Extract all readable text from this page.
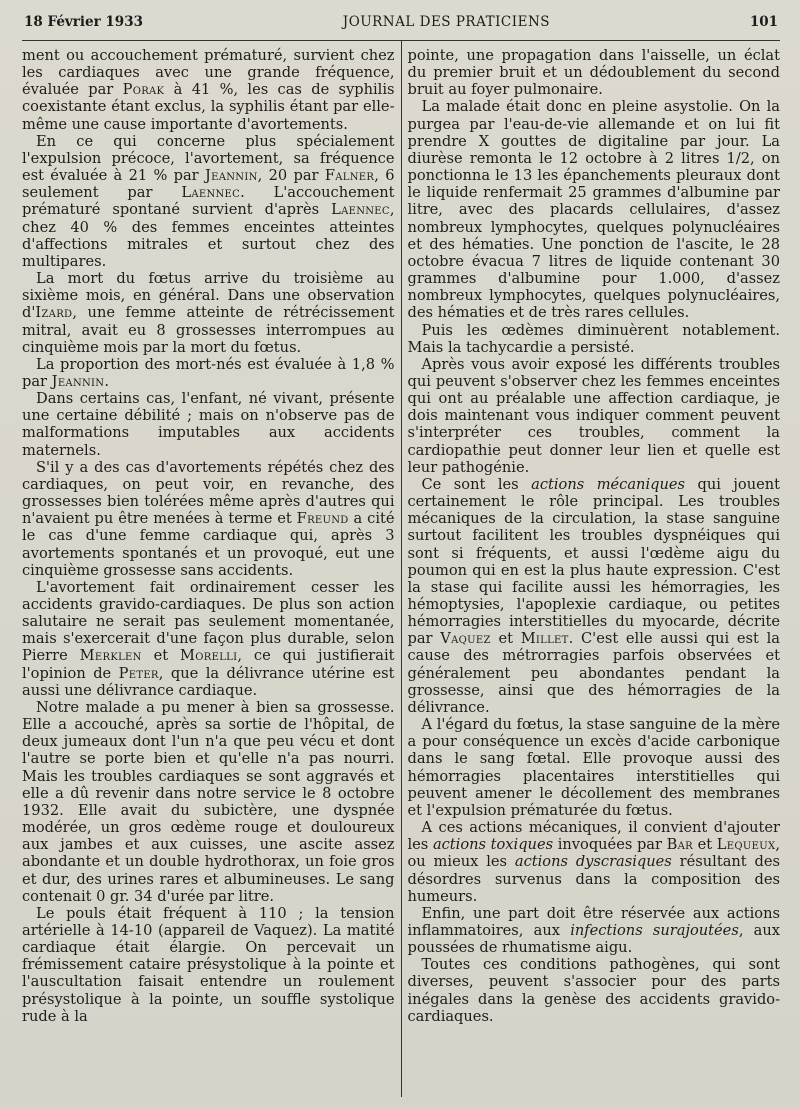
18 Février 1933	JOURNAL DES PRATICIENS	101

ment ou accouchement prématuré, survient chez les cardiaques avec une grande fréquence, évaluée par Porak à 41 %, les cas de syphilis coexistante étant exclus, la syphilis étant par elle-même une cause importante d'avortements.

En ce qui concerne plus spécialement l'expulsion précoce, l'avortement, sa fréquence est évaluée à 21 % par Jeannin, 20 par Falner, 6 seulement par Laennec. L'accouchement prématuré spontané survient d'après Laennec, chez 40 % des femmes enceintes atteintes d'affections mitrales et surtout chez des multipares.

La mort du fœtus arrive du troisième au sixième mois, en général. Dans une observation d'Izard, une femme atteinte de rétrécissement mitral, avait eu 8 grossesses interrompues au cinquième mois par la mort du fœtus.

La proportion des mort-nés est évaluée à 1,8 % par Jeannin.

Dans certains cas, l'enfant, né vivant, présente une certaine débilité ; mais on n'observe pas de malformations imputables aux accidents maternels.

S'il y a des cas d'avortements répétés chez des cardiaques, on peut voir, en revanche, des grossesses bien tolérées même après d'autres qui n'avaient pu être menées à terme et Freund a cité le cas d'une femme cardiaque qui, après 3 avortements spontanés et un provoqué, eut une cinquième grossesse sans accidents.

L'avortement fait ordinairement cesser les accidents gravido-cardiaques. De plus son action salutaire ne serait pas seulement momentanée, mais s'exercerait d'une façon plus durable, selon Pierre Merklen et Morelli, ce qui justifierait l'opinion de Peter, que la délivrance utérine est aussi une délivrance cardiaque.

Notre malade a pu mener à bien sa grossesse. Elle a accouché, après sa sortie de l'hôpital, de deux jumeaux dont l'un n'a que peu vécu et dont l'autre se porte bien et qu'elle n'a pas nourri. Mais les troubles cardiaques se sont aggravés et elle a dû revenir dans notre service le 8 octobre 1932. Elle avait du subictère, une dyspnée modérée, un gros œdème rouge et douloureux aux jambes et aux cuisses, une ascite assez abondante et un double hydrothorax, un foie gros et dur, des urines rares et albumineuses. Le sang contenait 0 gr. 34 d'urée par litre.

Le pouls était fréquent à 110 ; la tension artérielle à 14-10 (appareil de Vaquez). La matité cardiaque était élargie. On percevait un frémissement cataire présystolique à la pointe et l'auscultation faisait entendre un roulement présystolique à la pointe, un souffle systolique rude à la

pointe, une propagation dans l'aisselle, un éclat du premier bruit et un dédoublement du second bruit au foyer pulmonaire.

La malade était donc en pleine asystolie. On la purgea par l'eau-de-vie allemande et on lui fit prendre X gouttes de digitaline par jour. La diurèse remonta le 12 octobre à 2 litres 1/2, on ponctionna le 13 les épanchements pleuraux dont le liquide renfermait 25 grammes d'albumine par litre, avec des placards cellulaires, d'assez nombreux lymphocytes, quelques polynucléaires et des hématies. Une ponction de l'ascite, le 28 octobre évacua 7 litres de liquide contenant 30 grammes d'albumine pour 1.000, d'assez nombreux lymphocytes, quelques polynucléaires, des hématies et de très rares cellules.

Puis les œdèmes diminuèrent notablement. Mais la tachycardie a persisté.

Après vous avoir exposé les différents troubles qui peuvent s'observer chez les femmes enceintes qui ont au préalable une affection cardiaque, je dois maintenant vous indiquer comment peuvent s'interpréter ces troubles, comment la cardiopathie peut donner leur lien et quelle est leur pathogénie.

Ce sont les actions mécaniques qui jouent certainement le rôle principal. Les troubles mécaniques de la circulation, la stase sanguine surtout facilitent les troubles dyspnéiques qui sont si fréquents, et aussi l'œdème aigu du poumon qui en est la plus haute expression. C'est la stase qui facilite aussi les hémorragies, les hémoptysies, l'apoplexie cardiaque, ou petites hémorragies interstitielles du myocarde, décrite par Vaquez et Millet. C'est elle aussi qui est la cause des métrorragies parfois observées et généralement peu abondantes pendant la grossesse, ainsi que des hémorragies de la délivrance.

A l'égard du fœtus, la stase sanguine de la mère a pour conséquence un excès d'acide carbonique dans le sang fœtal. Elle provoque aussi des hémorragies placentaires interstitielles qui peuvent amener le décollement des membranes et l'expulsion prématurée du fœtus.

A ces actions mécaniques, il convient d'ajouter les actions toxiques invoquées par Bar et Lequeux, ou mieux les actions dyscrasiques résultant des désordres survenus dans la composition des humeurs.

Enfin, une part doit être réservée aux actions inflammatoires, aux infections surajoutées, aux poussées de rhumatisme aigu.

Toutes ces conditions pathogènes, qui sont diverses, peuvent s'associer pour des parts inégales dans la genèse des accidents gravido-cardiaques.
